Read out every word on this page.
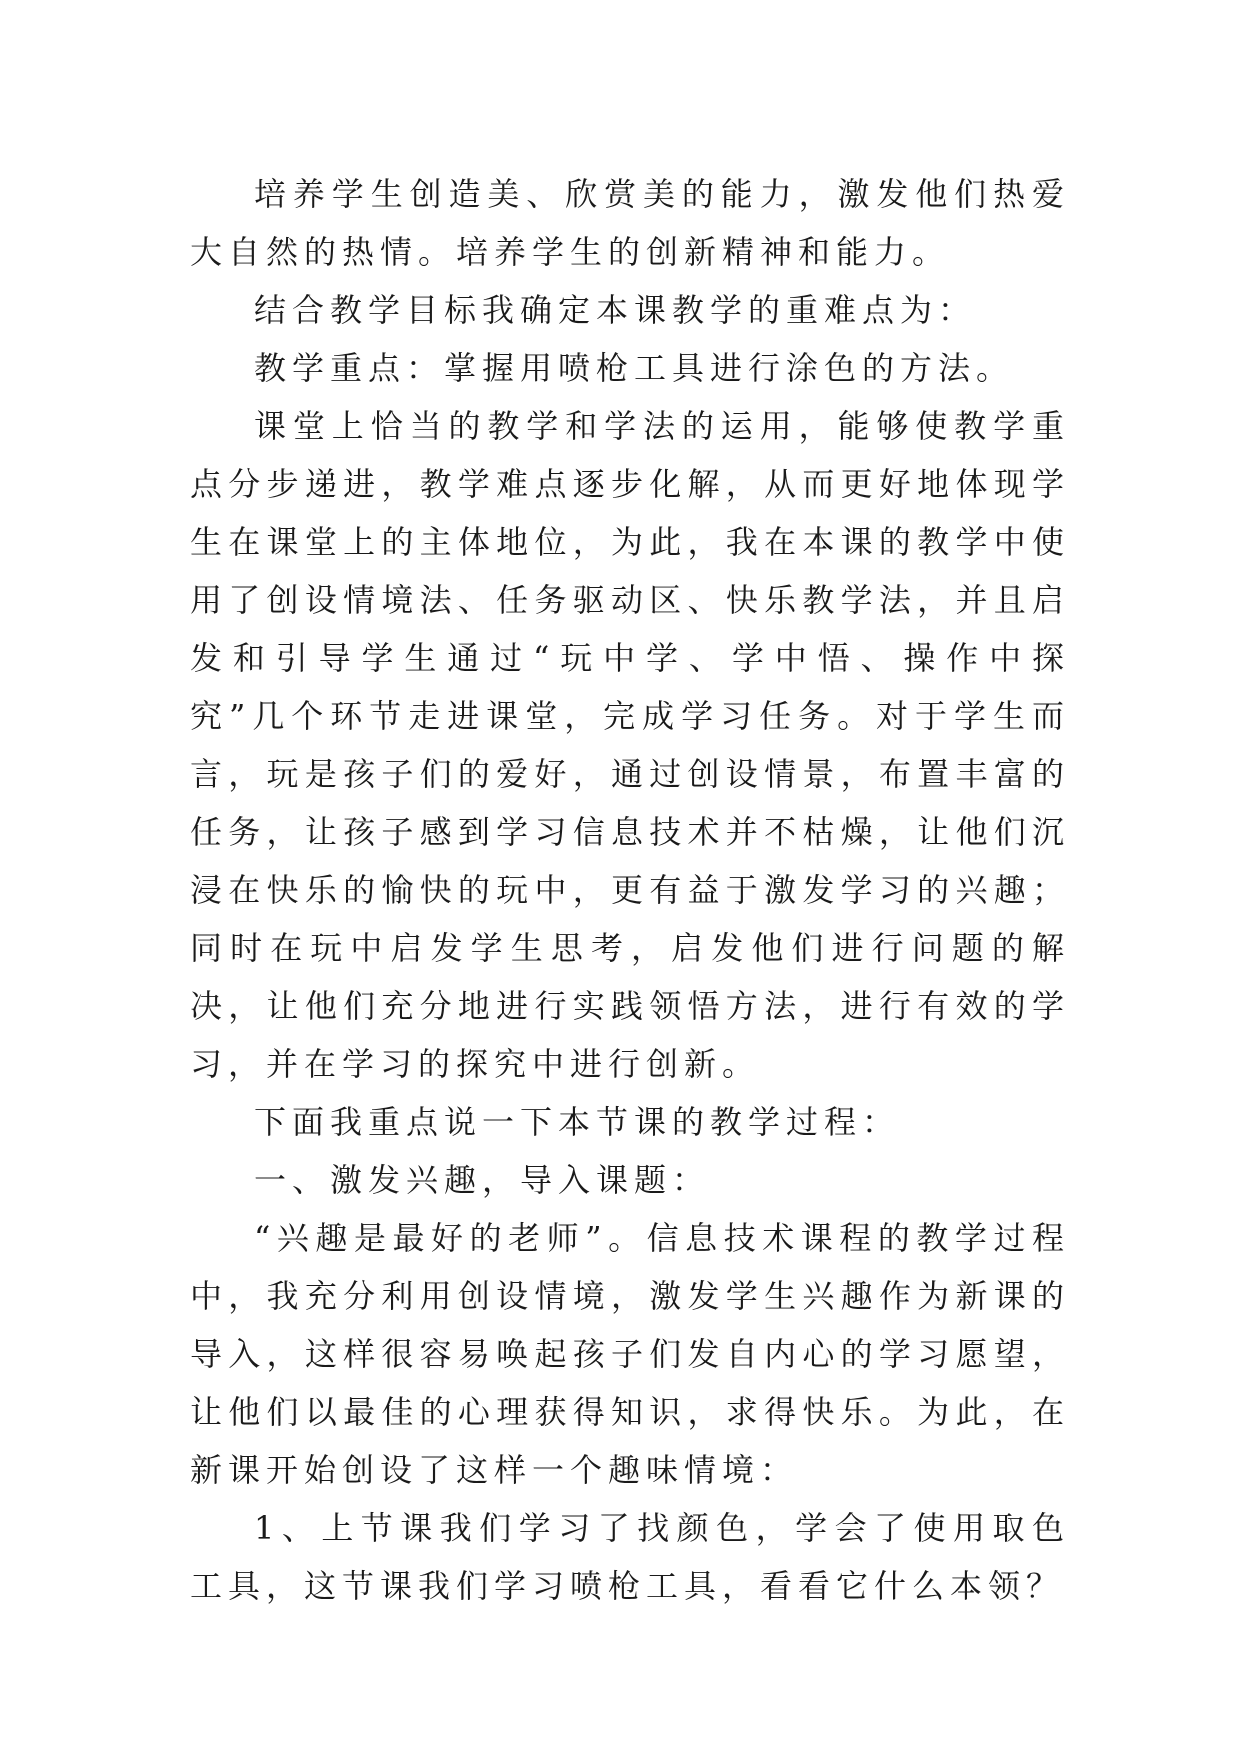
培养学生创造美、欣赏美的能力，激发他们热爱大自然的热情。培养学生的创新精神和能力。

结合教学目标我确定本课教学的重难点为：

教学重点：掌握用喷枪工具进行涂色的方法。

课堂上恰当的教学和学法的运用，能够使教学重点分步递进，教学难点逐步化解，从而更好地体现学生在课堂上的主体地位，为此，我在本课的教学中使用了创设情境法、任务驱动区、快乐教学法，并且启发和引导学生通过“玩中学、学中悟、操作中探究”几个环节走进课堂，完成学习任务。对于学生而言，玩是孩子们的爱好，通过创设情景，布置丰富的任务，让孩子感到学习信息技术并不枯燥，让他们沉浸在快乐的愉快的玩中，更有益于激发学习的兴趣；同时在玩中启发学生思考，启发他们进行问题的解决，让他们充分地进行实践领悟方法，进行有效的学习，并在学习的探究中进行创新。

下面我重点说一下本节课的教学过程：

一、激发兴趣，导入课题：

“兴趣是最好的老师”。信息技术课程的教学过程中，我充分利用创设情境，激发学生兴趣作为新课的导入，这样很容易唤起孩子们发自内心的学习愿望，让他们以最佳的心理获得知识，求得快乐。为此，在新课开始创设了这样一个趣味情境：

1、上节课我们学习了找颜色，学会了使用取色工具，这节课我们学习喷枪工具，看看它什么本领？
